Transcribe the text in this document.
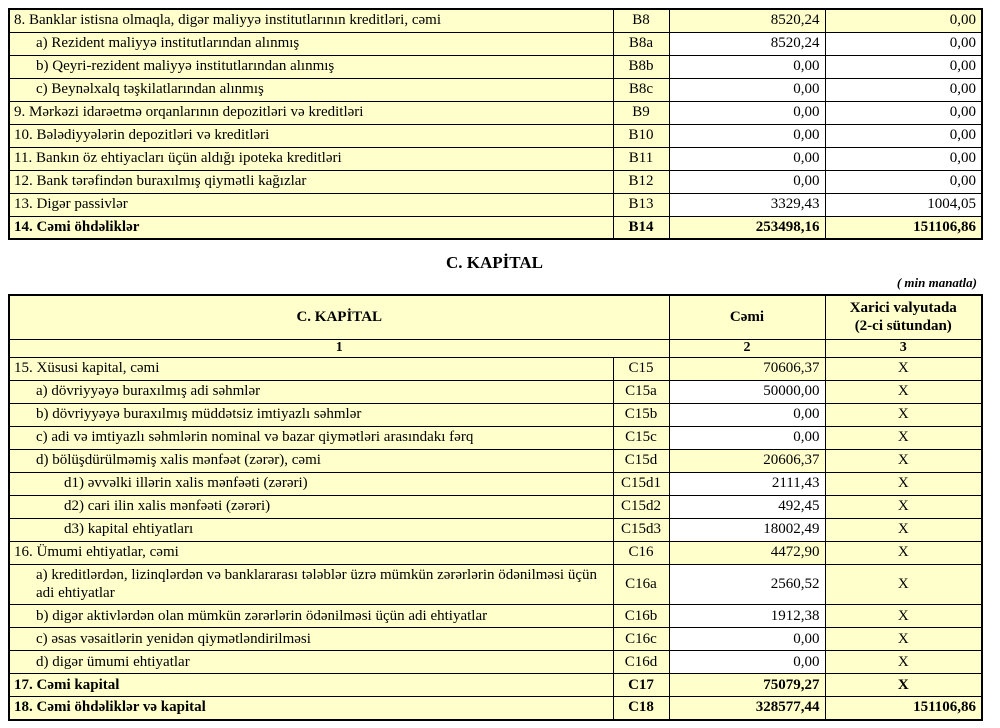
8. Banklar istisna olmaqla, digər maliyyə institutlarının kreditləri, cəmi	B8	8520,24	0,00
a) Rezident maliyyə institutlarından alınmış	B8a	8520,24	0,00
b) Qeyri-rezident maliyyə institutlarından alınmış	B8b	0,00	0,00
c) Beynəlxalq təşkilatlarından alınmış	B8c	0,00	0,00
9. Mərkəzi idarəetmə orqanlarının depozitləri və kreditləri	B9	0,00	0,00
10. Bələdiyyələrin depozitləri və kreditləri	B10	0,00	0,00
11. Bankın öz ehtiyacları üçün aldığı ipoteka kreditləri	B11	0,00	0,00
12. Bank tərəfindən buraxılmış qiymətli kağızlar	B12	0,00	0,00
13. Digər passivlər	B13	3329,43	1004,05
14. Cəmi öhdəliklər	B14	253498,16	151106,86
C. KAPİTAL
( min manatla)
C. KAPİTAL		Cəmi	Xarici valyutada
(2-ci sütundan)
1		2	3
15. Xüsusi kapital, cəmi	C15	70606,37	X
a) dövriyyəyə buraxılmış adi səhmlər	C15a	50000,00	X
b) dövriyyəyə buraxılmış müddətsiz imtiyazlı səhmlər	C15b	0,00	X
c) adi və imtiyazlı səhmlərin nominal və bazar qiymətləri arasındakı fərq	C15c	0,00	X
d) bölüşdürülməmiş xalis mənfəət (zərər), cəmi	C15d	20606,37	X
d1) əvvəlki illərin xalis mənfəəti (zərəri)	C15d1	2111,43	X
d2) cari ilin xalis mənfəəti (zərəri)	C15d2	492,45	X
d3) kapital ehtiyatları	C15d3	18002,49	X
16. Ümumi ehtiyatlar, cəmi	C16	4472,90	X
a) kreditlərdən, lizinqlərdən və banklararası tələblər üzrə mümkün zərərlərin ödənilməsi üçün adi ehtiyatlar	C16a	2560,52	X
b) digər aktivlərdən olan mümkün zərərlərin ödənilməsi üçün adi ehtiyatlar	C16b	1912,38	X
c) əsas vəsaitlərin yenidən qiymətləndirilməsi	C16c	0,00	X
d) digər ümumi ehtiyatlar	C16d	0,00	X
17. Cəmi kapital	C17	75079,27	X
18. Cəmi öhdəliklər və kapital	C18	328577,44	151106,86
